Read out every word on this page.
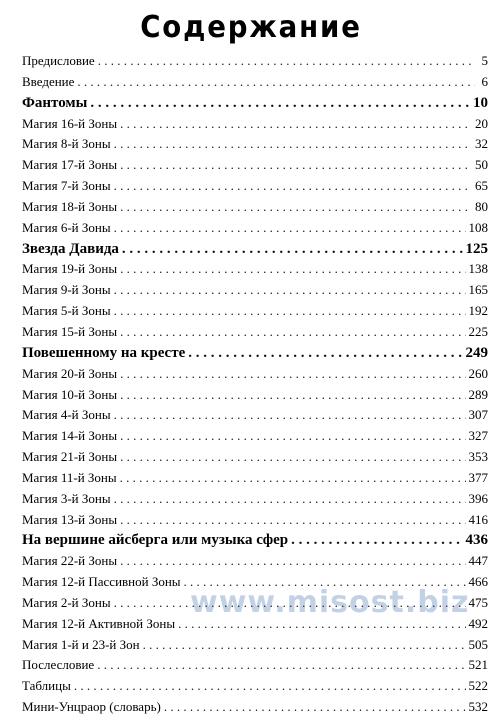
Содержание
Предисловие . . .	5
Введение . . .	6
Фантомы . . .	10
Магия 16-й Зоны . . .	20
Магия 8-й Зоны . . .	32
Магия 17-й Зоны . . .	50
Магия 7-й Зоны . . .	65
Магия 18-й Зоны . . .	80
Магия 6-й Зоны . . .	108
Звезда Давида . . .	125
Магия 19-й Зоны . . .	138
Магия 9-й Зоны . . .	165
Магия 5-й Зоны . . .	192
Магия 15-й Зоны . . .	225
Повешенному на кресте . . .	249
Магия 20-й Зоны . . .	260
Магия 10-й Зоны . . .	289
Магия 4-й Зоны . . .	307
Магия 14-й Зоны . . .	327
Магия 21-й Зоны . . .	353
Магия 11-й Зоны . . .	377
Магия 3-й Зоны . . .	396
Магия 13-й Зоны . . .	416
На вершине айсберга или музыка сфер . . .	436
Магия 22-й Зоны . . .	447
Магия 12-й Пассивной Зоны . . .	466
Магия 2-й Зоны . . .	475
Магия 12-й Активной Зоны . . .	492
Магия 1-й и 23-й Зон . . .	505
Послесловие . . .	521
Таблицы . . .	522
Мини-Унцраор (словарь) . . .	532
www.misost.biz
